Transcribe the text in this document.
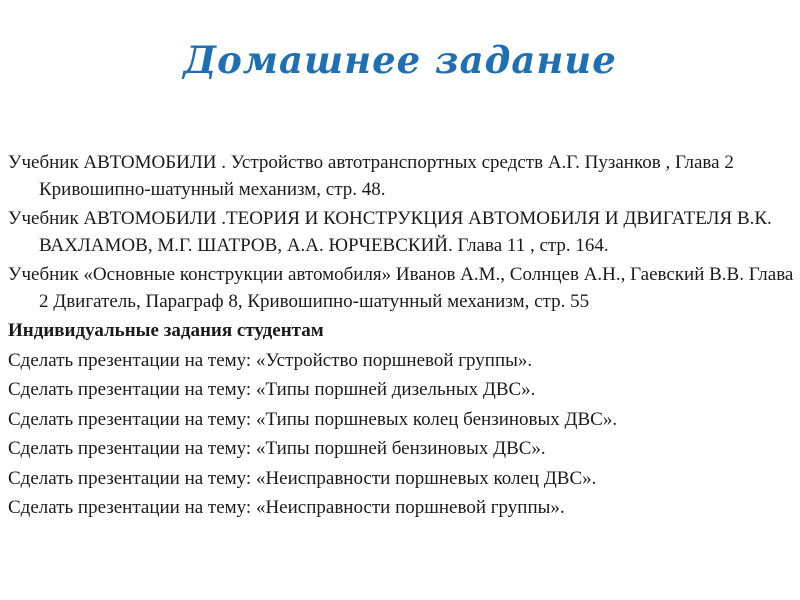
Домашнее задание

Учебник АВТОМОБИЛИ . Устройство автотранспортных средств А.Г. Пузанков , Глава 2 Кривошипно-шатунный механизм, стр. 48.

Учебник АВТОМОБИЛИ .ТЕОРИЯ И КОНСТРУКЦИЯ АВТОМОБИЛЯ И ДВИГАТЕЛЯ В.К. ВАХЛАМОВ, М.Г. ШАТРОВ, А.А. ЮРЧЕВСКИЙ. Глава 11 , стр. 164.

Учебник «Основные конструкции автомобиля» Иванов А.М., Солнцев А.Н., Гаевский В.В. Глава 2 Двигатель, Параграф 8, Кривошипно-шатунный механизм, стр. 55

Индивидуальные задания студентам

Сделать презентации на тему: «Устройство поршневой группы».

Сделать презентации на тему: «Типы поршней дизельных ДВС».

Сделать презентации на тему: «Типы поршневых колец бензиновых ДВС».

Сделать презентации на тему: «Типы поршней бензиновых ДВС».

Сделать презентации на тему: «Неисправности поршневых колец ДВС».

Сделать презентации на тему: «Неисправности поршневой группы».
